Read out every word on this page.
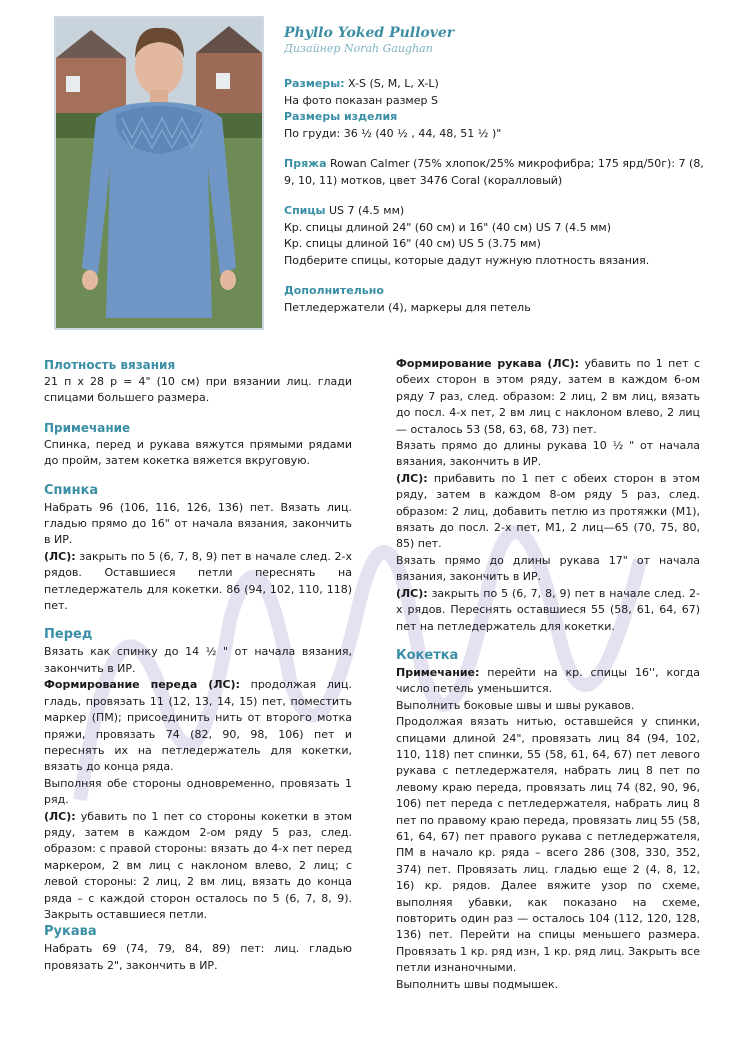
Phyllo Yoked Pullover

Дизайнер Norah Gaughan

Размеры: X-S (S, M, L, X-L)

На фото показан размер S

Размеры изделия

По груди: 36 ½ (40 ½ , 44, 48, 51 ½ )"

Пряжа Rowan Calmer (75% хлопок/25% микрофибра; 175 ярд/50г): 7 (8, 9, 10, 11) мотков, цвет 3476 Coral (коралловый)

Спицы US 7 (4.5 мм)

Кр. спицы длиной 24" (60 см) и 16" (40 см) US 7 (4.5 мм)

Кр. спицы длиной 16" (40 см) US 5 (3.75 мм)

Подберите спицы, которые дадут нужную плотность вязания.

Дополнительно

Петледержатели (4), маркеры для петель

Плотность вязания

21 п х 28 р = 4" (10 см) при вязании лиц. глади спицами большего размера.

Примечание

Спинка, перед и рукава вяжутся прямыми рядами до пройм, затем кокетка вяжется вкруговую.

Спинка

Набрать 96 (106, 116, 126, 136) пет. Вязать лиц. гладью прямо до 16" от начала вязания, закончить в ИР.

(ЛС): закрыть по 5 (6, 7, 8, 9) пет в начале след. 2-х рядов. Оставшиеся петли переснять на петледержатель для кокетки. 86 (94, 102, 110, 118) пет.

Перед

Вязать как спинку до 14 ½ " от начала вязания, закончить в ИР.

Формирование переда (ЛС): продолжая лиц. гладь, провязать 11 (12, 13, 14, 15) пет, поместить маркер (ПМ); присоединить нить от второго мотка пряжи, провязать 74 (82, 90, 98, 106) пет и переснять их на петледержатель для кокетки, вязать до конца ряда.

Выполняя обе стороны одновременно, провязать 1 ряд.

(ЛС): убавить по 1 пет со стороны кокетки в этом ряду, затем в каждом 2-ом ряду 5 раз, след. образом: с правой стороны: вязать до 4-х пет перед маркером, 2 вм лиц с наклоном влево, 2 лиц; с левой стороны: 2 лиц, 2 вм лиц, вязать до конца ряда – с каждой сторон осталось по 5 (6, 7, 8, 9). Закрыть оставшиеся петли.

Рукава

Набрать 69 (74, 79, 84, 89) пет: лиц. гладью провязать 2", закончить в ИР.

Формирование рукава (ЛС): убавить по 1 пет с обеих сторон в этом ряду, затем в каждом 6-ом ряду 7 раз, след. образом: 2 лиц, 2 вм лиц, вязать до посл. 4-х пет, 2 вм лиц с наклоном влево, 2 лиц— осталось 53 (58, 63, 68, 73) пет.

Вязать прямо до длины рукава 10 ½ " от начала вязания, закончить в ИР.

(ЛС): прибавить по 1 пет с обеих сторон в этом ряду, затем в каждом 8-ом ряду 5 раз, след. образом: 2 лиц, добавить петлю из протяжки (М1), вязать до посл. 2-х пет, М1, 2 лиц—65 (70, 75, 80, 85) пет.

Вязать прямо до длины рукава 17" от начала вязания, закончить в ИР.

(ЛС): закрыть по 5 (6, 7, 8, 9) пет в начале след. 2-х рядов. Переснять оставшиеся 55 (58, 61, 64, 67) пет на петледержатель для кокетки.

Кокетка

Примечание: перейти на кр. спицы 16'', когда число петель уменьшится.

Выполнить боковые швы и швы рукавов.

Продолжая вязать нитью, оставшейся у спинки, спицами длиной 24", провязать лиц 84 (94, 102, 110, 118) пет спинки, 55 (58, 61, 64, 67) пет левого рукава с петледержателя, набрать лиц 8 пет по левому краю переда, провязать лиц 74 (82, 90, 96, 106) пет переда с петледержателя, набрать лиц 8 пет по правому краю переда, провязать лиц 55 (58, 61, 64, 67) пет правого рукава с петледержателя, ПМ в начало кр. ряда – всего 286 (308, 330, 352, 374) пет. Провязать лиц. гладью еще 2 (4, 8, 12, 16) кр. рядов. Далее вяжите узор по схеме, выполняя убавки, как показано на схеме, повторить один раз — осталось 104 (112, 120, 128, 136) пет. Перейти на спицы меньшего размера. Провязать 1 кр. ряд изн, 1 кр. ряд лиц. Закрыть все петли изнаночными.

Выполнить швы подмышек.
